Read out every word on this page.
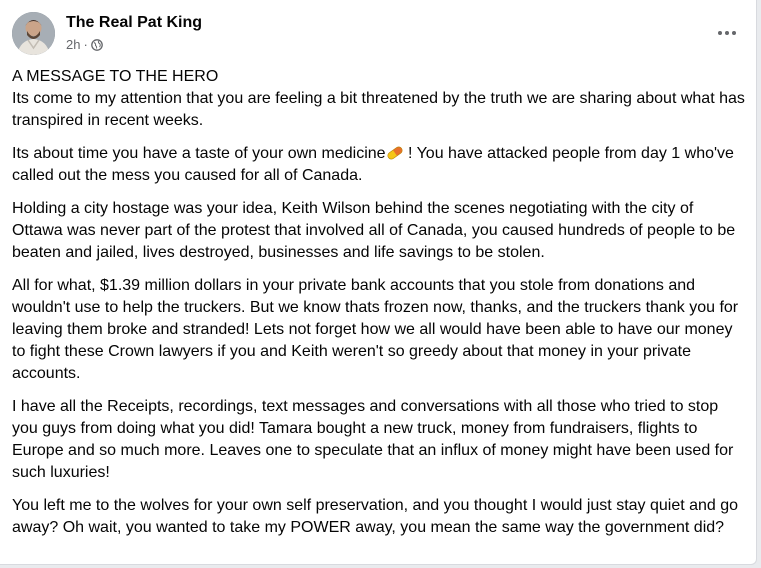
The Real Pat King
2h ·

A MESSAGE TO THE HERO

Its come to my attention that you are feeling a bit threatened by the truth we are sharing about what has transpired in recent weeks.

Its about time you have a taste of your own medicine ! You have attacked people from day 1 who've called out the mess you caused for all of Canada.

Holding a city hostage was your idea, Keith Wilson behind the scenes negotiating with the city of Ottawa was never part of the protest that involved all of Canada, you caused hundreds of people to be beaten and jailed, lives destroyed, businesses and life savings to be stolen.

All for what, $1.39 million dollars in your private bank accounts that you stole from donations and wouldn't use to help the truckers. But we know thats frozen now, thanks, and the truckers thank you for leaving them broke and stranded! Lets not forget how we all would have been able to have our money to fight these Crown lawyers if you and Keith weren't so greedy about that money in your private accounts.

I have all the Receipts, recordings, text messages and conversations with all those who tried to stop you guys from doing what you did! Tamara bought a new truck, money from fundraisers, flights to Europe and so much more. Leaves one to speculate that an influx of money might have been used for such luxuries!

You left me to the wolves for your own self preservation, and you thought I would just stay quiet and go away? Oh wait, you wanted to take my POWER away, you mean the same way the government did?
